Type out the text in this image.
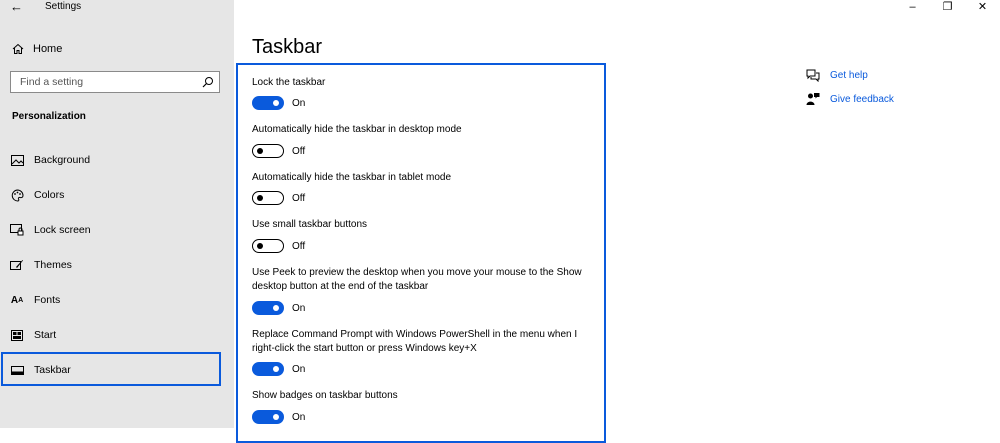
← Settings
Home
Find a setting
Personalization
Background
Colors
Lock screen
Themes
A A Fonts
Start
Taskbar
–	❐	✕
Taskbar
Lock the taskbar
On
Automatically hide the taskbar in desktop mode
Off
Automatically hide the taskbar in tablet mode
Off
Use small taskbar buttons
Off
Use Peek to preview the desktop when you move your mouse to the Show desktop button at the end of the taskbar
On
Replace Command Prompt with Windows PowerShell in the menu when I right-click the start button or press Windows key+X
On
Show badges on taskbar buttons
On
Get help
Give feedback
